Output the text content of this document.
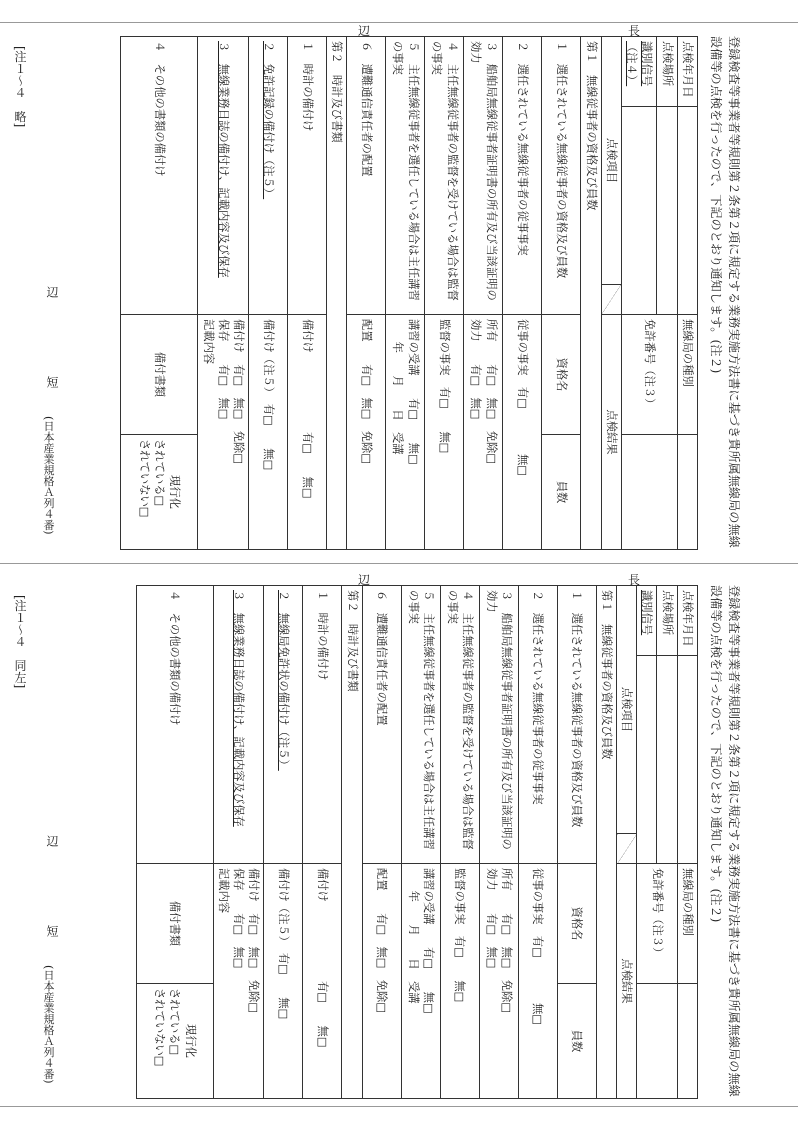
[注１～４　略]
長
辺
短
辺
(日本産業規格Ａ列４番)	登録検査等事業者等規則第２条第２項に規定する業務実施方法書に基づき貴所属無線局の無線設備等の点検を行ったので、下記のとおり通知します。(注２)
点検年月日			無線局の種別	
点検場所			免許番号（注３）	
識別信号（注４）				
点検項目			点検結果	
第１　無線従事者の資格及び員数				
１　選任されている無線従事者の資格及び員数			資格名	員数
２　選任されている無線従事者の従事事実			従事の事実　有□　　　　無□	
３　船舶局無線従事者証明書の所有及び当該証明の効力			所有　　有□　無□　免除□
効力　　有□　無□	
４　主任無線従事者の監督を受けている場合は監督の事実			監督の事実　有□　　無□	
５　主任無線従事者を選任している場合は主任講習の事実			講習の受講　　有□　　無□
　　年　　月　　日　受講	
６　遭難通信責任者の配置			配置　　有□　無□　免除□	
第２　時計及び書類				
１　時計の備付け			備付け　　　　　　　有□　　無□	
２　免許記録の備付け（注５）			備付け（注５）　有□　　無□	
３　無線業務日誌の備付け、記載内容及び保存			備付け　有□　無□　免除□
保存　　有□　無□
記載内容	
４　その他の書類の備付け			備付書類	現行化
されている□
されていない□
[注１～４　同左]
長
辺
短
辺
(日本産業規格Ａ列４番)	登録検査等事業者等規則第２条第２項に規定する業務実施方法書に基づき貴所属無線局の無線設備等の点検を行ったので、下記のとおり通知します。(注２)
点検年月日			無線局の種別	
点検場所			免許番号（注３）	
識別信号				
点検項目			点検結果	
第１　無線従事者の資格及び員数				
１　選任されている無線従事者の資格及び員数			資格名	員数
２　選任されている無線従事者の従事事実			従事の事実　有□　　　　無□	
３　船舶局無線従事者証明書の所有及び当該証明の効力			所有　　有□　無□　免除□
効力　　有□　無□	
４　主任無線従事者の監督を受けている場合は監督の事実			監督の事実　有□　　無□	
５　主任無線従事者を選任している場合は主任講習の事実			講習の受講　　有□　　無□
　　年　　月　　日　受講	
６　遭難通信責任者の配置			配置　　有□　無□　免除□	
第２　時計及び書類				
１　時計の備付け			備付け　　　　　　　有□　　無□	
２　無線局免許状の備付け（注５）			備付け（注５）　有□　　無□	
３　無線業務日誌の備付け、記載内容及び保存			備付け　有□　無□　免除□
保存　　有□　無□
記載内容	
４　その他の書類の備付け			備付書類	現行化
されている□
されていない□
